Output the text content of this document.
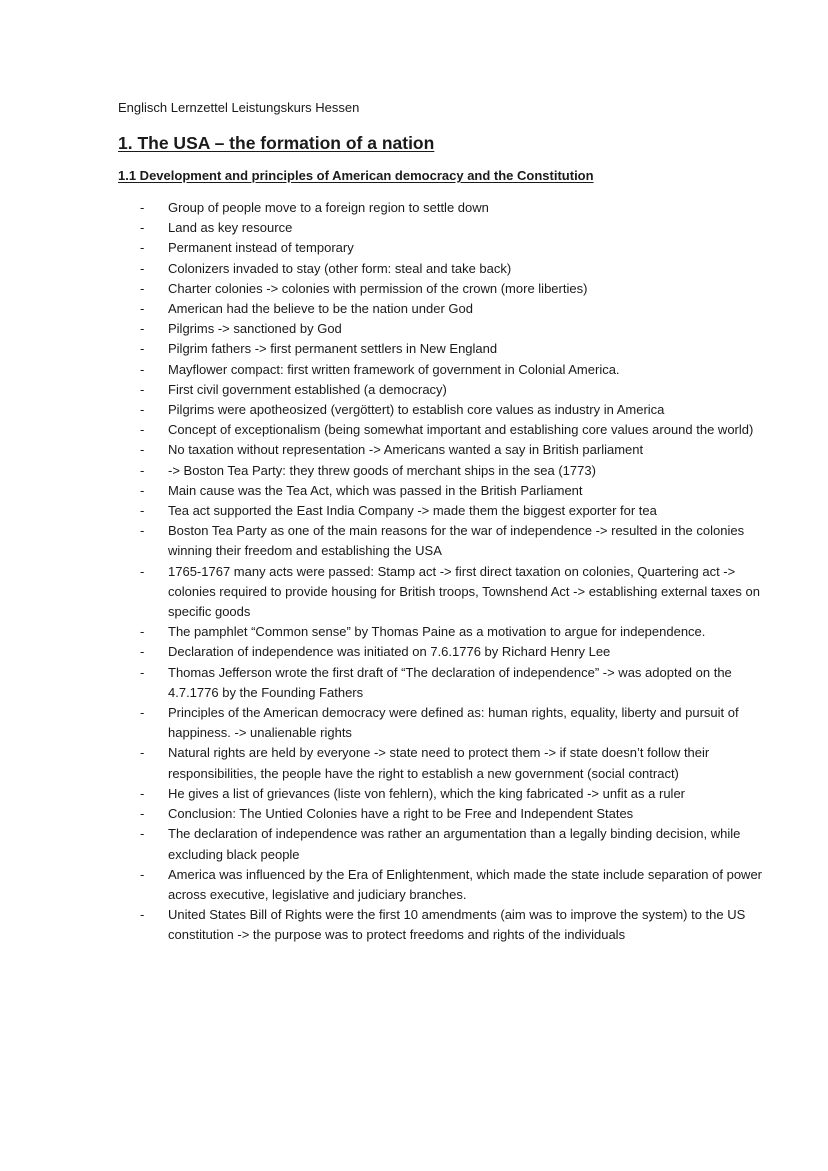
Englisch Lernzettel Leistungskurs Hessen
1. The USA – the formation of a nation
1.1 Development and principles of American democracy and the Constitution
- Group of people move to a foreign region to settle down
- Land as key resource
- Permanent instead of temporary
- Colonizers invaded to stay (other form: steal and take back)
- Charter colonies -> colonies with permission of the crown (more liberties)
- American had the believe to be the nation under God
- Pilgrims -> sanctioned by God
- Pilgrim fathers -> first permanent settlers in New England
- Mayflower compact: first written framework of government in Colonial America.
- First civil government established (a democracy)
- Pilgrims were apotheosized (vergöttert) to establish core values as industry in America
- Concept of exceptionalism (being somewhat important and establishing core values around the world)
- No taxation without representation -> Americans wanted a say in British parliament
- -> Boston Tea Party: they threw goods of merchant ships in the sea (1773)
- Main cause was the Tea Act, which was passed in the British Parliament
- Tea act supported the East India Company -> made them the biggest exporter for tea
- Boston Tea Party as one of the main reasons for the war of independence -> resulted in the colonies winning their freedom and establishing the USA
- 1765-1767 many acts were passed: Stamp act -> first direct taxation on colonies, Quartering act -> colonies required to provide housing for British troops, Townshend Act -> establishing external taxes on specific goods
- The pamphlet “Common sense” by Thomas Paine as a motivation to argue for independence.
- Declaration of independence was initiated on 7.6.1776 by Richard Henry Lee
- Thomas Jefferson wrote the first draft of “The declaration of independence” -> was adopted on the 4.7.1776 by the Founding Fathers
- Principles of the American democracy were defined as: human rights, equality, liberty and pursuit of happiness. -> unalienable rights
- Natural rights are held by everyone -> state need to protect them -> if state doesn’t follow their responsibilities, the people have the right to establish a new government (social contract)
- He gives a list of grievances (liste von fehlern), which the king fabricated -> unfit as a ruler
- Conclusion: The Untied Colonies have a right to be Free and Independent States
- The declaration of independence was rather an argumentation than a legally binding decision, while excluding black people
- America was influenced by the Era of Enlightenment, which made the state include separation of power across executive, legislative and judiciary branches.
- United States Bill of Rights were the first 10 amendments (aim was to improve the system) to the US constitution -> the purpose was to protect freedoms and rights of the individuals
